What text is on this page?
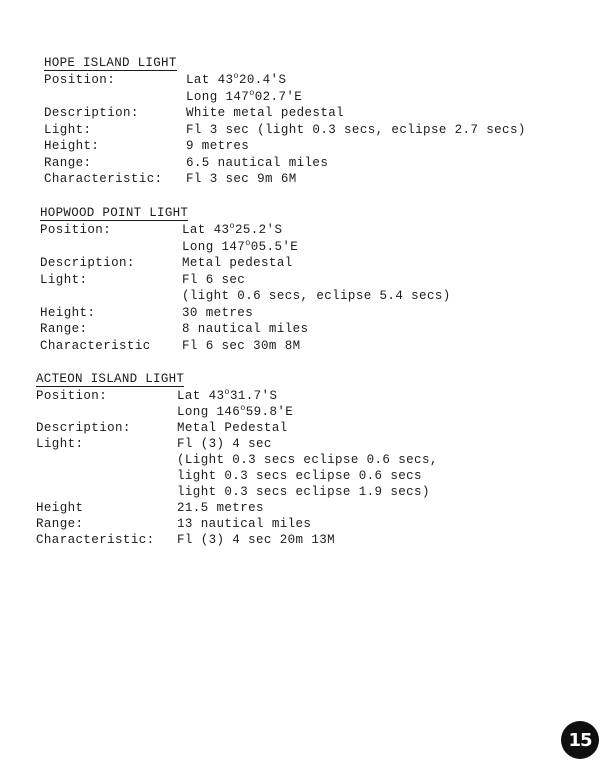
HOPE ISLAND LIGHT
Position:	Lat 43$^o$20.4'S
Long 147$^o$02.7'E
Description:	White metal pedestal
Light:	Fl 3 sec (light 0.3 secs, eclipse 2.7 secs)
Height:	9 metres
Range:	6.5 nautical miles
Characteristic: Fl 3 sec 9m 6M
HOPWOOD POINT LIGHT
Position:	Lat 43$^o$25.2'S
Long 147$^o$05.5'E
Description:	Metal pedestal
Light:	Fl 6 sec
(light 0.6 secs, eclipse 5.4 secs)
Height:	30 metres
Range:	8 nautical miles
Characteristic	Fl 6 sec 30m 8M
ACTEON ISLAND LIGHT
Position:	Lat 43$^o$31.7'S
Long 146$^o$59.8'E
Description:	Metal Pedestal
Light:	Fl (3) 4 sec
(Light 0.3 secs eclipse 0.6 secs,
light 0.3 secs eclipse 0.6 secs
light 0.3 secs eclipse 1.9 secs)
Height	21.5 metres
Range:	13 nautical miles
Characteristic: Fl (3) 4 sec 20m 13M
15
